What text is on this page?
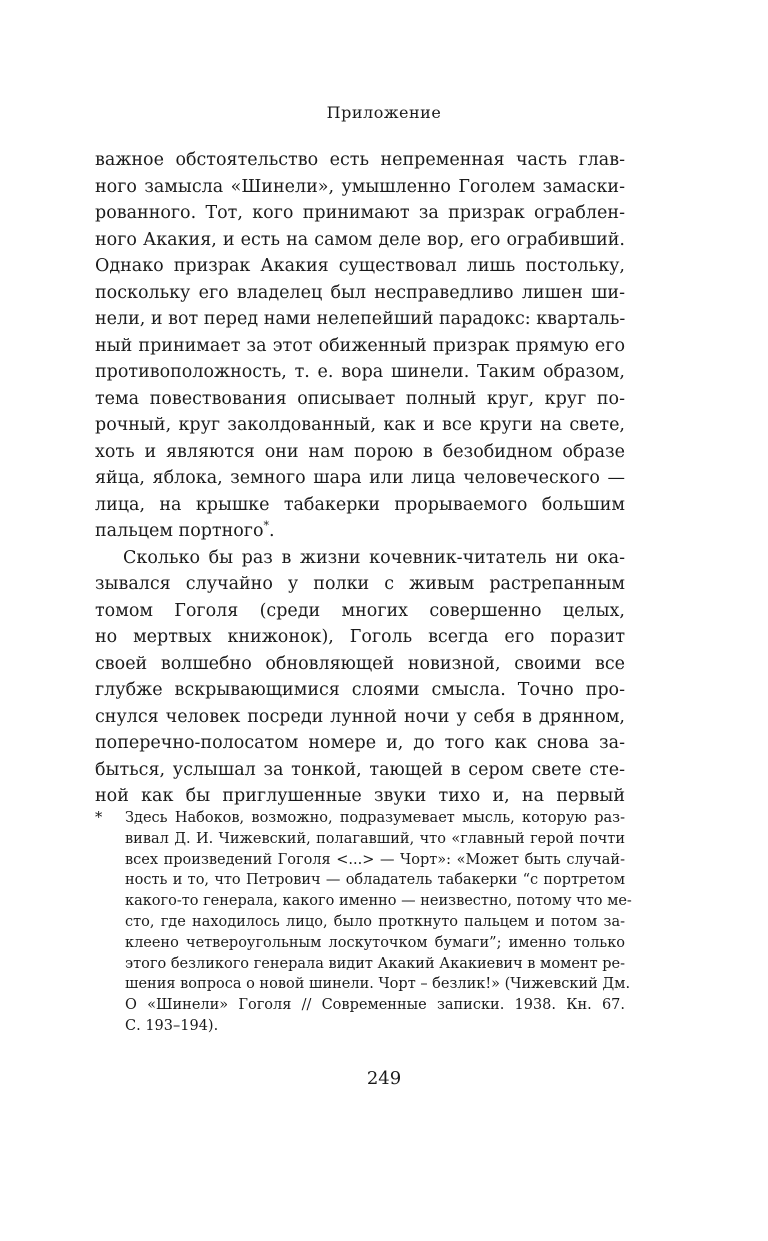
Приложение
важное обстоятельство есть непременная часть глав-
ного замысла «Шинели», умышленно Гоголем замаски-
рованного. Тот, кого принимают за призрак ограблен-
ного Акакия, и есть на самом деле вор, его ограбивший.
Однако призрак Акакия существовал лишь постольку,
поскольку его владелец был несправедливо лишен ши-
нели, и вот перед нами нелепейший парадокс: кварталь-
ный принимает за этот обиженный призрак прямую его
противоположность, т. е. вора шинели. Таким образом,
тема повествования описывает полный круг, круг по-
рочный, круг заколдованный, как и все круги на свете,
хоть и являются они нам порою в безобидном образе
яйца, яблока, земного шара или лица человеческого —
лица, на крышке табакерки прорываемого большим
пальцем портного*.
Сколько бы раз в жизни кочевник-читатель ни ока-
зывался случайно у полки с живым растрепанным
томом Гоголя (среди многих совершенно целых,
но мертвых книжонок), Гоголь всегда его поразит
своей волшебно обновляющей новизной, своими все
глубже вскрывающимися слоями смысла. Точно про-
снулся человек посреди лунной ночи у себя в дрянном,
поперечно-полосатом номере и, до того как снова за-
быться, услышал за тонкой, тающей в сером свете сте-
ной как бы приглушенные звуки тихо и, на первый
* Здесь Набоков, возможно, подразумевает мысль, которую раз-
вивал Д. И. Чижевский, полагавший, что «главный герой почти
всех произведений Гоголя <...> — Чорт»: «Может быть случай-
ность и то, что Петрович — обладатель табакерки “с портретом
какого-то генерала, какого именно — неизвестно, потому что ме-
сто, где находилось лицо, было проткнуто пальцем и потом за-
клеено четвероугольным лоскуточком бумаги”; именно только
этого безликого генерала видит Акакий Акакиевич в момент ре-
шения вопроса о новой шинели. Чорт – безлик!» (Чижевский Дм.
О «Шинели» Гоголя // Современные записки. 1938. Кн. 67.
С. 193–194).
249
